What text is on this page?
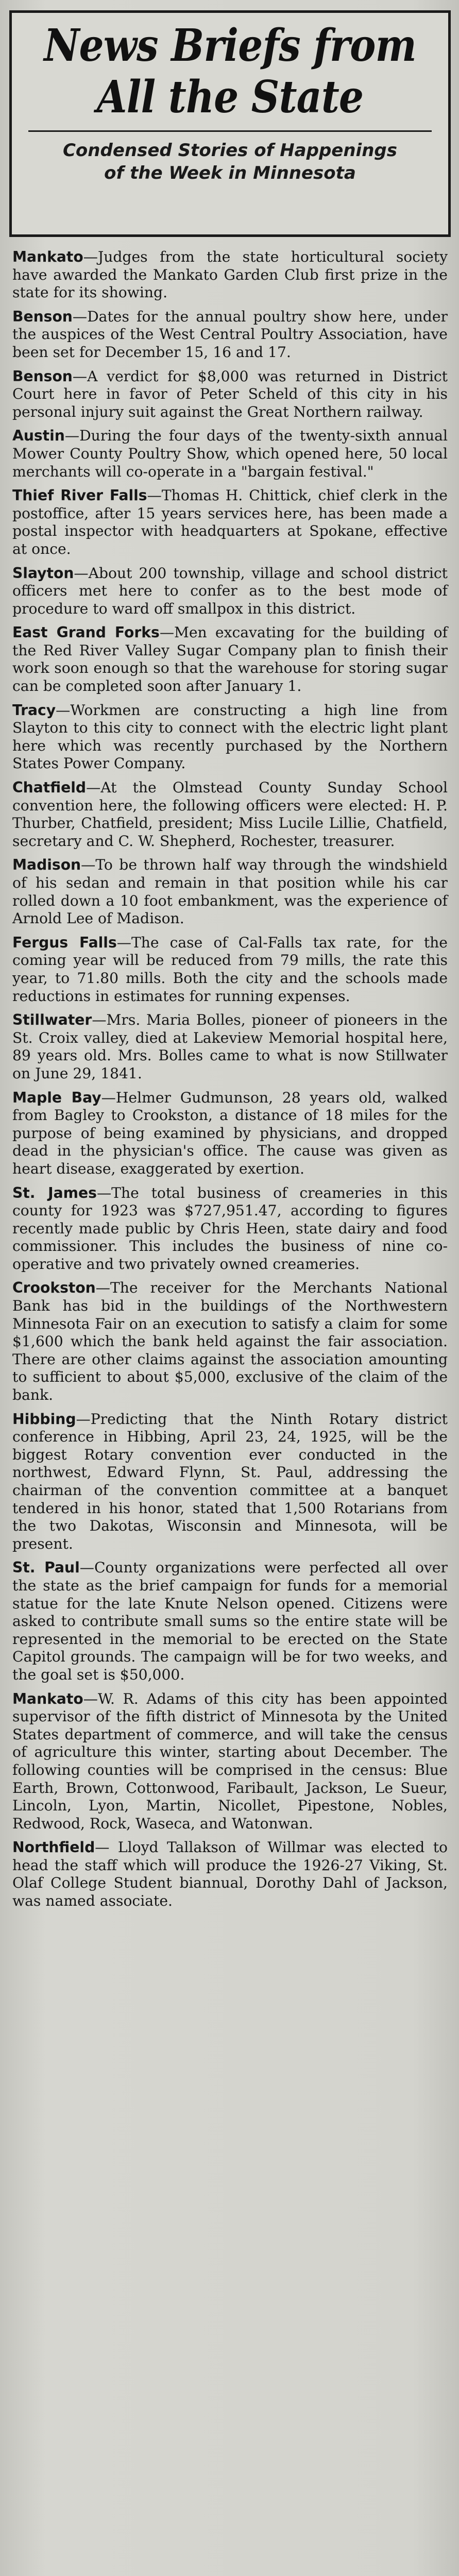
News Briefs from
All the State

Condensed Stories of Happenings

of the Week in Minnesota

Mankato—Judges from the state horticultural society have awarded the Mankato Garden Club first prize in the state for its showing.

Benson—Dates for the annual poultry show here, under the auspices of the West Central Poultry Association, have been set for December 15, 16 and 17.

Benson—A verdict for $8,000 was returned in District Court here in favor of Peter Scheld of this city in his personal injury suit against the Great Northern railway.

Austin—During the four days of the twenty-sixth annual Mower County Poultry Show, which opened here, 50 local merchants will co-operate in a "bargain festival."

Thief River Falls—Thomas H. Chittick, chief clerk in the postoffice, after 15 years services here, has been made a postal inspector with headquarters at Spokane, effective at once.

Slayton—About 200 township, village and school district officers met here to confer as to the best mode of procedure to ward off smallpox in this district.

East Grand Forks—Men excavating for the building of the Red River Valley Sugar Company plan to finish their work soon enough so that the warehouse for storing sugar can be completed soon after January 1.

Tracy—Workmen are constructing a high line from Slayton to this city to connect with the electric light plant here which was recently purchased by the Northern States Power Company.

Chatfield—At the Olmstead County Sunday School convention here, the following officers were elected: H. P. Thurber, Chatfield, president; Miss Lucile Lillie, Chatfield, secretary and C. W. Shepherd, Rochester, treasurer.

Madison—To be thrown half way through the windshield of his sedan and remain in that position while his car rolled down a 10 foot embankment, was the experience of Arnold Lee of Madison.

Fergus Falls—The case of Cal-Falls tax rate, for the coming year will be reduced from 79 mills, the rate this year, to 71.80 mills. Both the city and the schools made reductions in estimates for running expenses.

Stillwater—Mrs. Maria Bolles, pioneer of pioneers in the St. Croix valley, died at Lakeview Memorial hospital here, 89 years old. Mrs. Bolles came to what is now Stillwater on June 29, 1841.

Maple Bay—Helmer Gudmunson, 28 years old, walked from Bagley to Crookston, a distance of 18 miles for the purpose of being examined by physicians, and dropped dead in the physician's office. The cause was given as heart disease, exaggerated by exertion.

St. James—The total business of creameries in this county for 1923 was $727,951.47, according to figures recently made public by Chris Heen, state dairy and food commissioner. This includes the business of nine co-operative and two privately owned creameries.

Crookston—The receiver for the Merchants National Bank has bid in the buildings of the Northwestern Minnesota Fair on an execution to satisfy a claim for some $1,600 which the bank held against the fair association. There are other claims against the association amounting to sufficient to about $5,000, exclusive of the claim of the bank.

Hibbing—Predicting that the Ninth Rotary district conference in Hibbing, April 23, 24, 1925, will be the biggest Rotary convention ever conducted in the northwest, Edward Flynn, St. Paul, addressing the chairman of the convention committee at a banquet tendered in his honor, stated that 1,500 Rotarians from the two Dakotas, Wisconsin and Minnesota, will be present.

St. Paul—County organizations were perfected all over the state as the brief campaign for funds for a memorial statue for the late Knute Nelson opened. Citizens were asked to contribute small sums so the entire state will be represented in the memorial to be erected on the State Capitol grounds. The campaign will be for two weeks, and the goal set is $50,000.

Mankato—W. R. Adams of this city has been appointed supervisor of the fifth district of Minnesota by the United States department of commerce, and will take the census of agriculture this winter, starting about December. The following counties will be comprised in the census: Blue Earth, Brown, Cottonwood, Faribault, Jackson, Le Sueur, Lincoln, Lyon, Martin, Nicollet, Pipestone, Nobles, Redwood, Rock, Waseca, and Watonwan.

Northfield— Lloyd Tallakson of Willmar was elected to head the staff which will produce the 1926-27 Viking, St. Olaf College Student biannual, Dorothy Dahl of Jackson, was named associate.
